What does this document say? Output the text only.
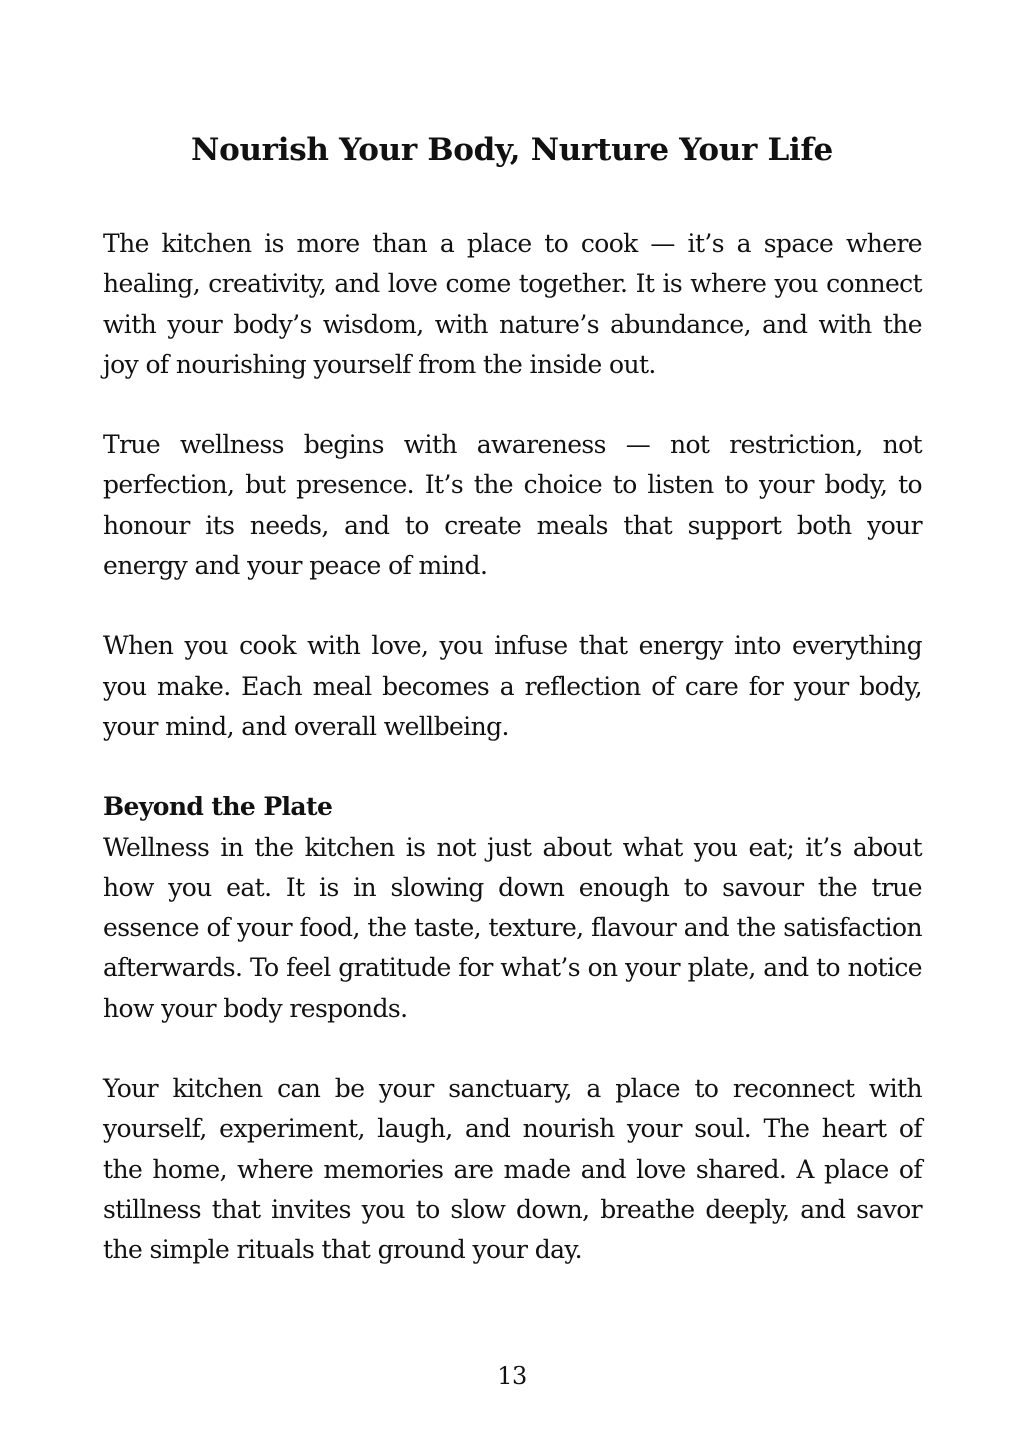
Nourish Your Body, Nurture Your Life

The kitchen is more than a place to cook — it’s a space where healing, creativity, and love come together. It is where you connect with your body’s wisdom, with nature’s abundance, and with the joy of nourishing yourself from the inside out.

True wellness begins with awareness — not restriction, not perfection, but presence. It’s the choice to listen to your body, to honour its needs, and to create meals that support both your energy and your peace of mind.

When you cook with love, you infuse that energy into everything you make. Each meal becomes a reflection of care for your body, your mind, and overall wellbeing.

Beyond the Plate

Wellness in the kitchen is not just about what you eat; it’s about how you eat. It is in slowing down enough to savour the true essence of your food, the taste, texture, flavour and the satisfaction afterwards. To feel gratitude for what’s on your plate, and to notice how your body responds.

Your kitchen can be your sanctuary, a place to reconnect with yourself, experiment, laugh, and nourish your soul. The heart of the home, where memories are made and love shared. A place of stillness that invites you to slow down, breathe deeply, and savor the simple rituals that ground your day.

13
